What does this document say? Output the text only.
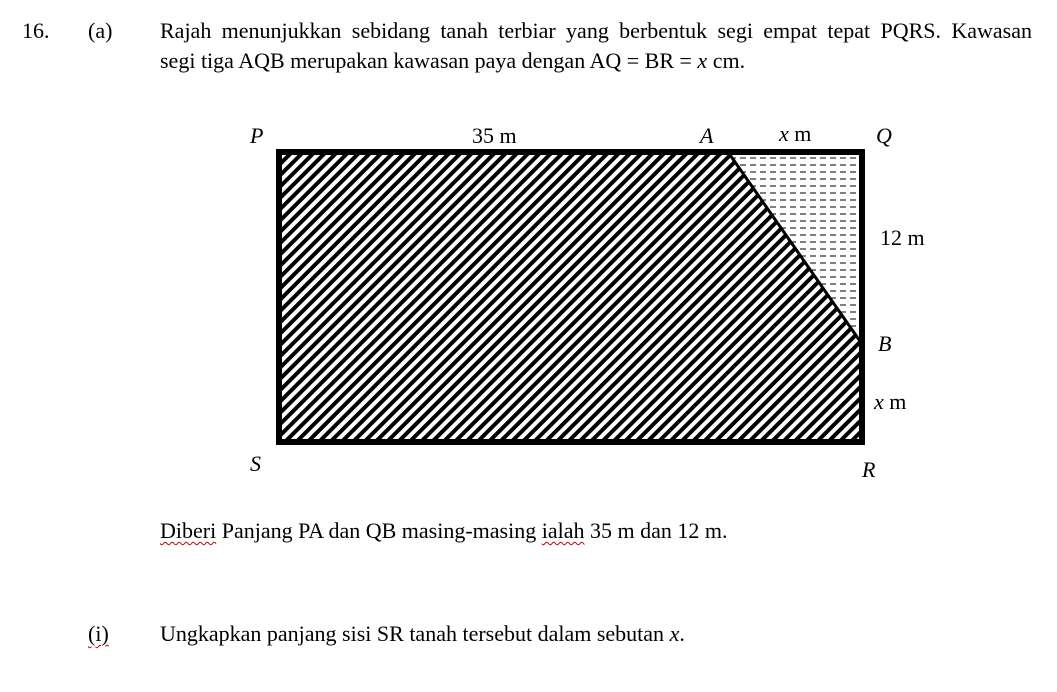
16. (a) Rajah menunjukkan sebidang tanah terbiar yang berbentuk segi empat tepat PQRS. Kawasan
segi tiga AQB merupakan kawasan paya dengan AQ = BR = x cm.
P	35 m	A	x m	Q
12 m
B
x m
S	R
Diberi Panjang PA dan QB masing-masing ialah 35 m dan 12 m.
(i) Ungkapkan panjang sisi SR tanah tersebut dalam sebutan x.
